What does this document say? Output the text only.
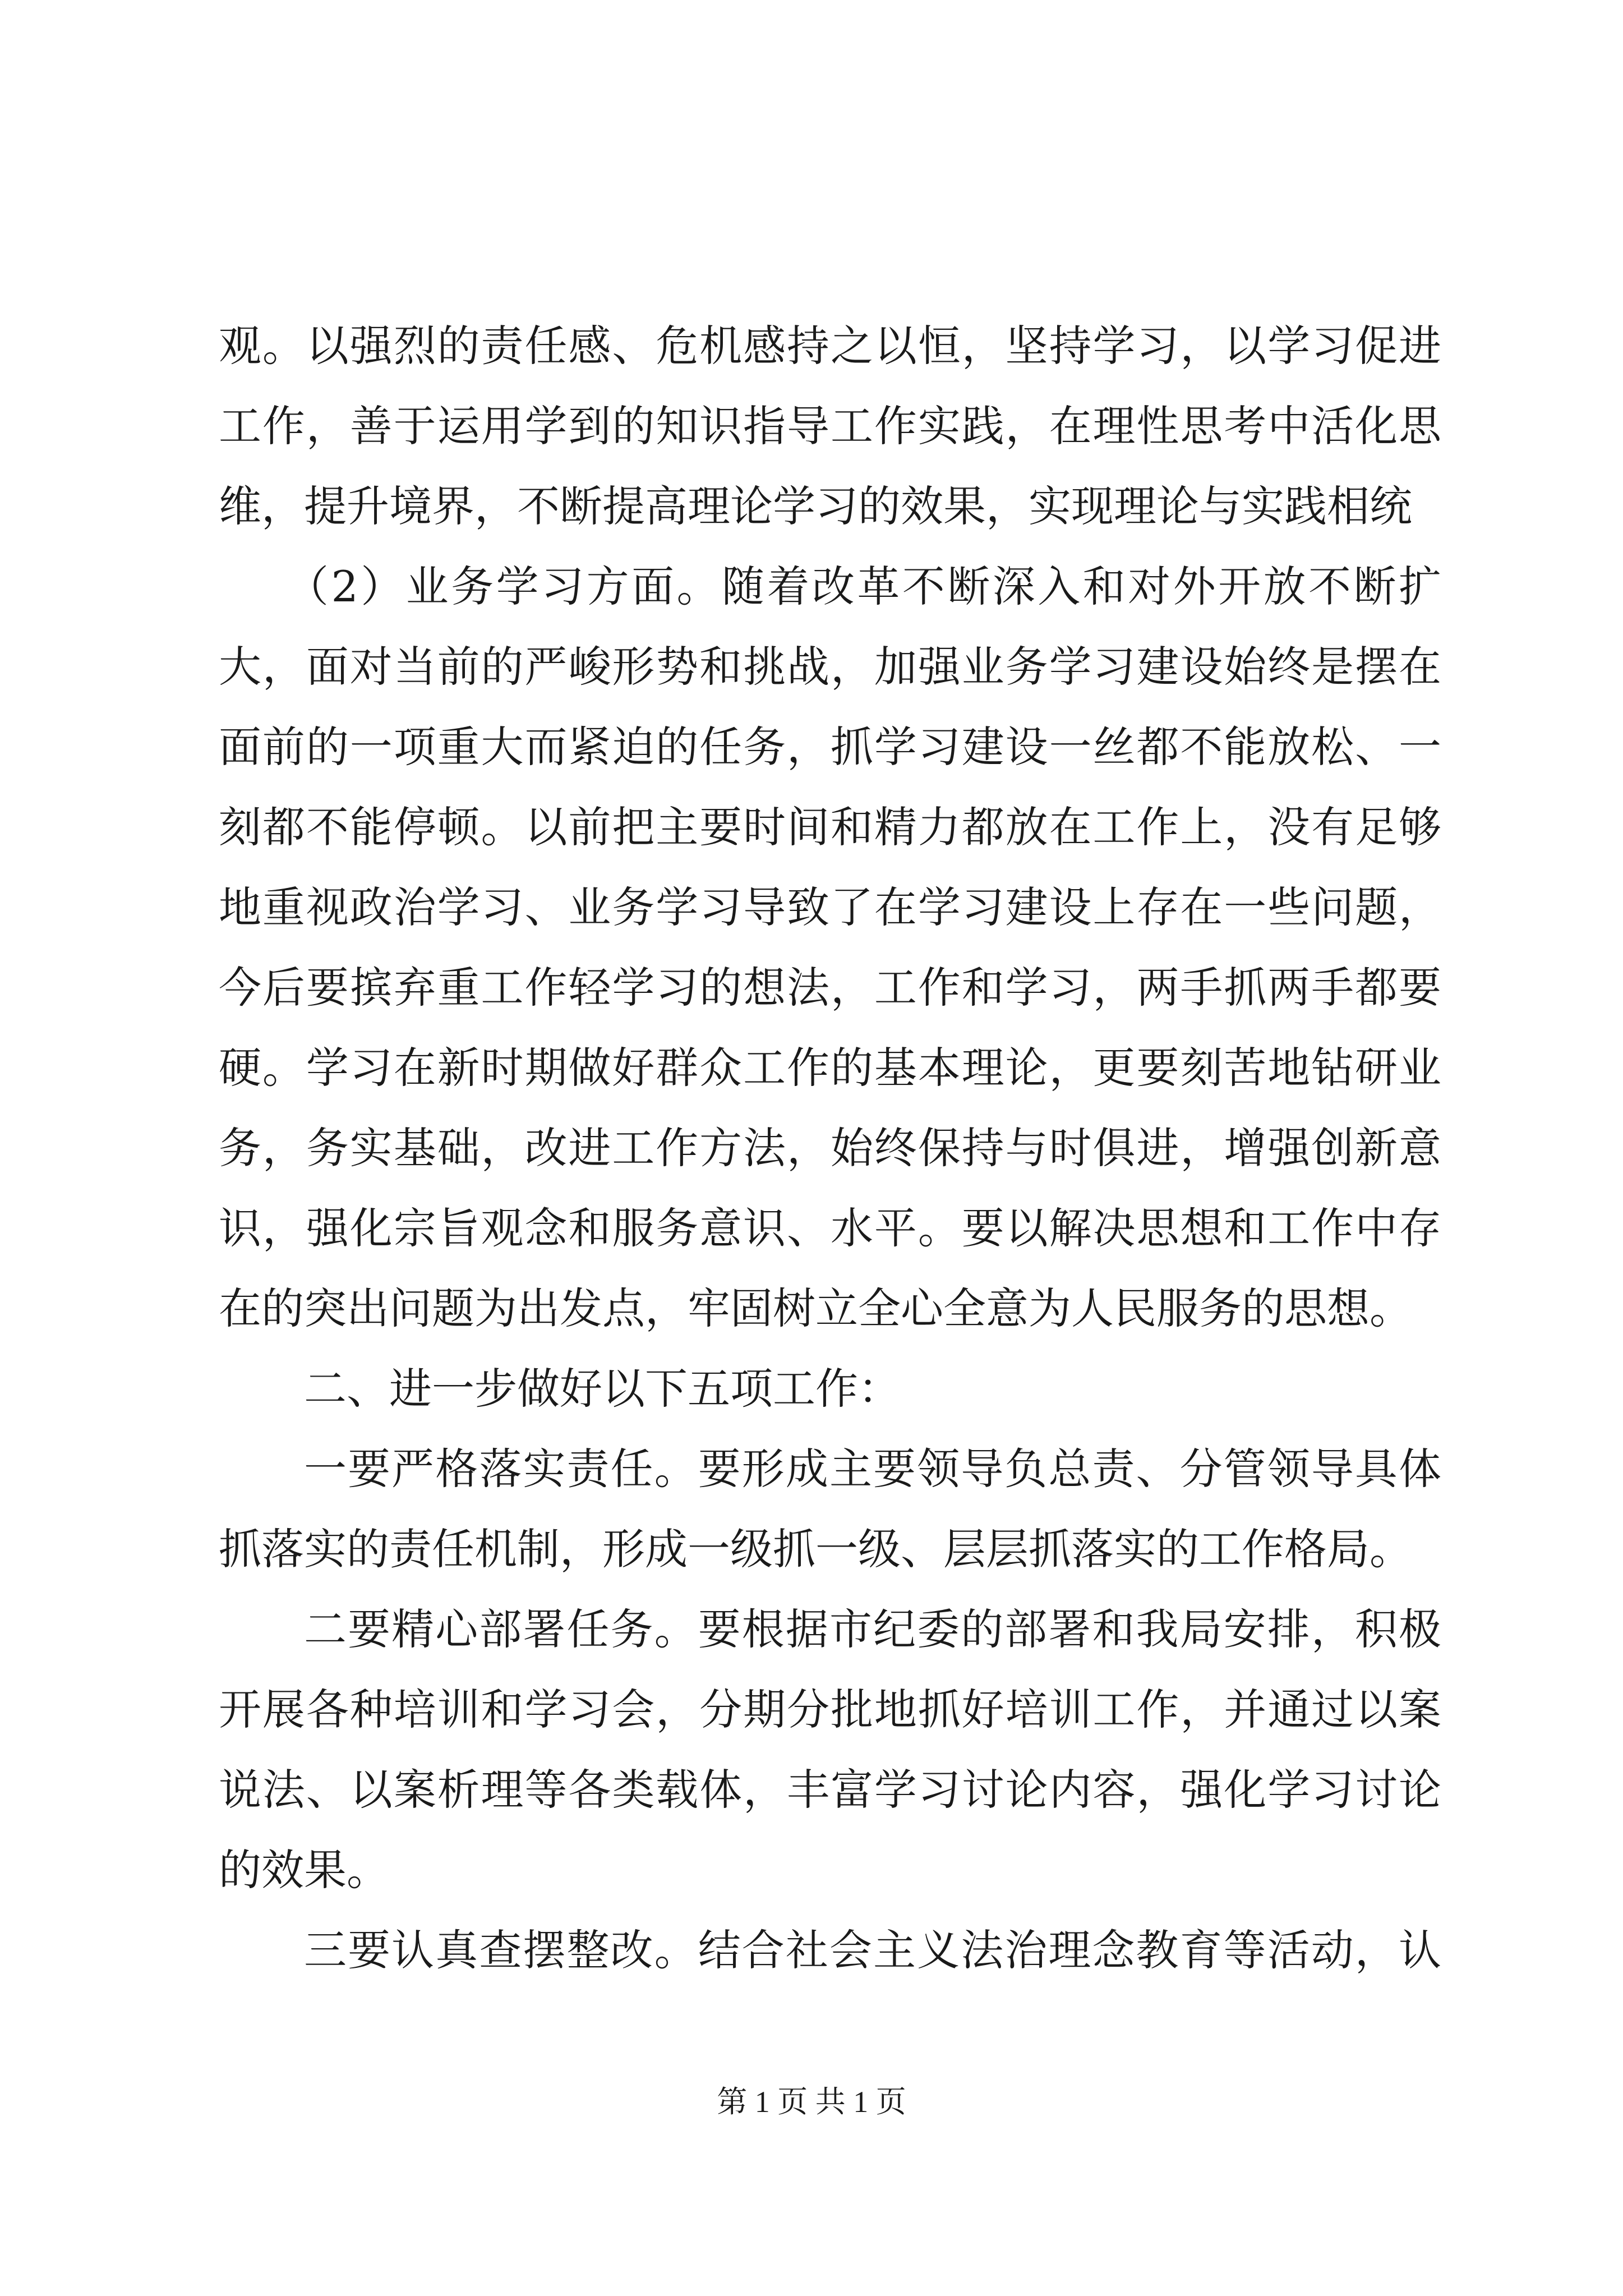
观。以强烈的责任感、危机感持之以恒，坚持学习，以学习促进
工作，善于运用学到的知识指导工作实践，在理性思考中活化思
维，提升境界，不断提高理论学习的效果，实现理论与实践相统
（2）业务学习方面。随着改革不断深入和对外开放不断扩
大，面对当前的严峻形势和挑战，加强业务学习建设始终是摆在
面前的一项重大而紧迫的任务，抓学习建设一丝都不能放松、一
刻都不能停顿。以前把主要时间和精力都放在工作上，没有足够
地重视政治学习、业务学习导致了在学习建设上存在一些问题，
今后要摈弃重工作轻学习的想法，工作和学习，两手抓两手都要
硬。学习在新时期做好群众工作的基本理论，更要刻苦地钻研业
务，务实基础，改进工作方法，始终保持与时俱进，增强创新意
识，强化宗旨观念和服务意识、水平。要以解决思想和工作中存
在的突出问题为出发点，牢固树立全心全意为人民服务的思想。
二、进一步做好以下五项工作：
一要严格落实责任。要形成主要领导负总责、分管领导具体
抓落实的责任机制，形成一级抓一级、层层抓落实的工作格局。
二要精心部署任务。要根据市纪委的部署和我局安排，积极
开展各种培训和学习会，分期分批地抓好培训工作，并通过以案
说法、以案析理等各类载体，丰富学习讨论内容，强化学习讨论
的效果。
三要认真查摆整改。结合社会主义法治理念教育等活动，认
第 1 页 共 1 页
